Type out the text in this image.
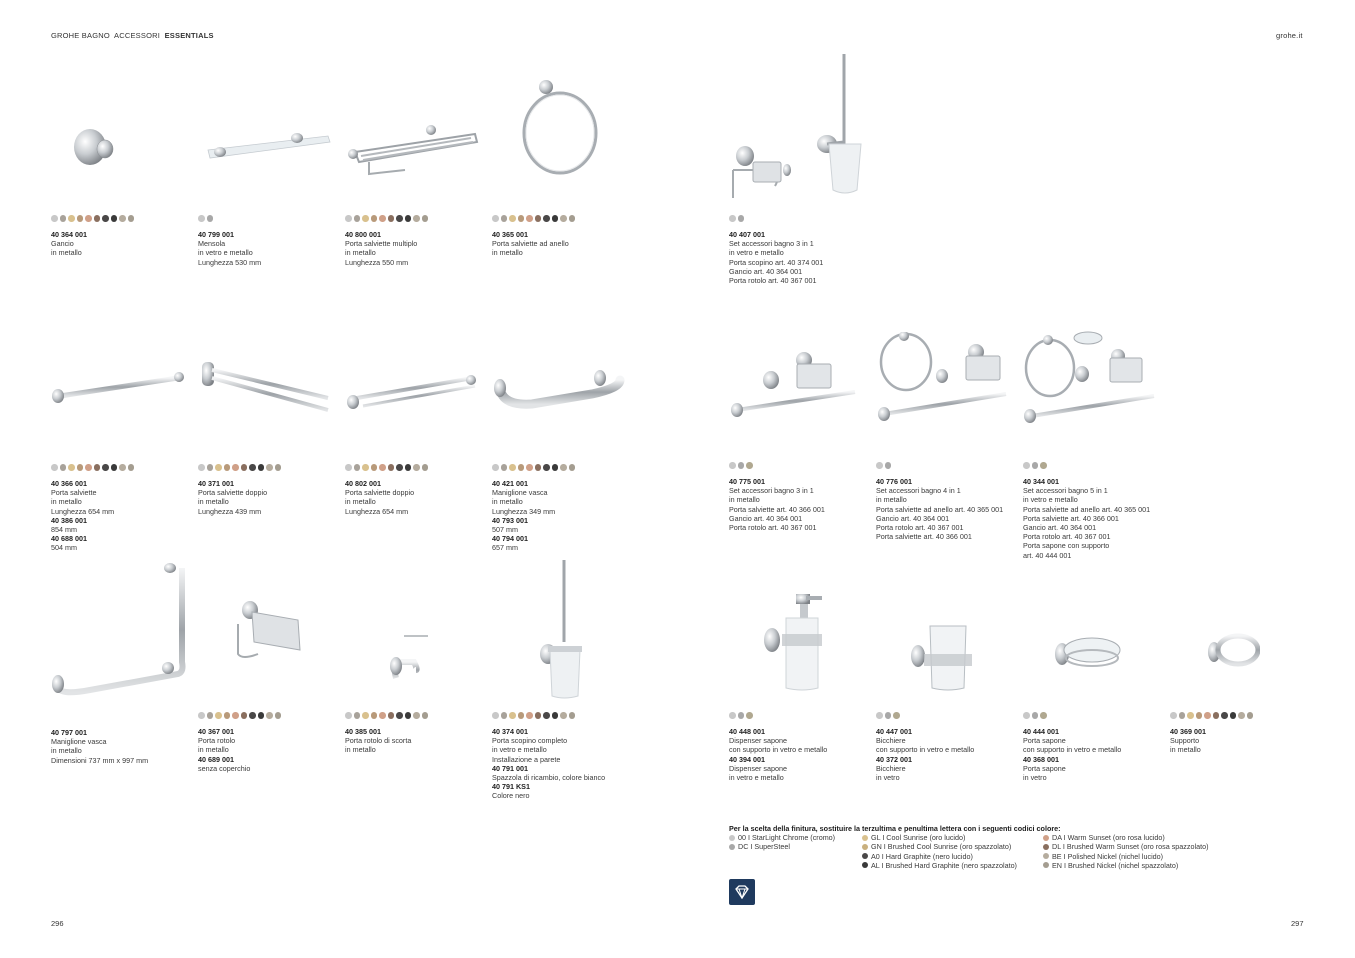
GROHE BAGNO ACCESSORI ESSENTIALS	grohe.it
40 364 001
Gancio
in metallo
40 799 001
Mensola
in vetro e metallo
Lunghezza 530 mm
40 800 001
Porta salviette multiplo
in metallo
Lunghezza 550 mm
40 365 001
Porta salviette ad anello
in metallo
40 407 001
Set accessori bagno 3 in 1
in vetro e metallo
Porta scopino art. 40 374 001
Gancio art. 40 364 001
Porta rotolo art. 40 367 001
40 366 001
Porta salviette
in metallo
Lunghezza 654 mm
40 386 001
854 mm
40 688 001
504 mm
40 371 001
Porta salviette doppio
in metallo
Lunghezza 439 mm
40 802 001
Porta salviette doppio
in metallo
Lunghezza 654 mm
40 421 001
Maniglione vasca
in metallo
Lunghezza 349 mm
40 793 001
507 mm
40 794 001
657 mm
40 775 001
Set accessori bagno 3 in 1
in metallo
Porta salviette art. 40 366 001
Gancio art. 40 364 001
Porta rotolo art. 40 367 001
40 776 001
Set accessori bagno 4 in 1
in metallo
Porta salviette ad anello art. 40 365 001
Gancio art. 40 364 001
Porta rotolo art. 40 367 001
Porta salviette art. 40 366 001
40 344 001
Set accessori bagno 5 in 1
in vetro e metallo
Porta salviette ad anello art. 40 365 001
Porta salviette art. 40 366 001
Gancio art. 40 364 001
Porta rotolo art. 40 367 001
Porta sapone con supporto
art. 40 444 001
40 797 001
Maniglione vasca
in metallo
Dimensioni 737 mm x 997 mm
40 367 001
Porta rotolo
in metallo
40 689 001
senza coperchio
40 385 001
Porta rotolo di scorta
in metallo
40 374 001
Porta scopino completo
in vetro e metallo
Installazione a parete
40 791 001
Spazzola di ricambio, colore bianco
40 791 KS1
Colore nero
40 448 001
Dispenser sapone
con supporto in vetro e metallo
40 394 001
Dispenser sapone
in vetro e metallo
40 447 001
Bicchiere
con supporto in vetro e metallo
40 372 001
Bicchiere
in vetro
40 444 001
Porta sapone
con supporto in vetro e metallo
40 368 001
Porta sapone
in vetro
40 369 001
Supporto
in metallo
Per la scelta della finitura, sostituire la terzultima e penultima lettera con i seguenti codici colore:
00 I StarLight Chrome (cromo)
DC I SuperSteel
GL I Cool Sunrise (oro lucido)
GN I Brushed Cool Sunrise (oro spazzolato)
A0 I Hard Graphite (nero lucido)
AL I Brushed Hard Graphite (nero spazzolato)
DA I Warm Sunset (oro rosa lucido)
DL I Brushed Warm Sunset (oro rosa spazzolato)
BE I Polished Nickel (nichel lucido)
EN I Brushed Nickel (nichel spazzolato)
296	297
